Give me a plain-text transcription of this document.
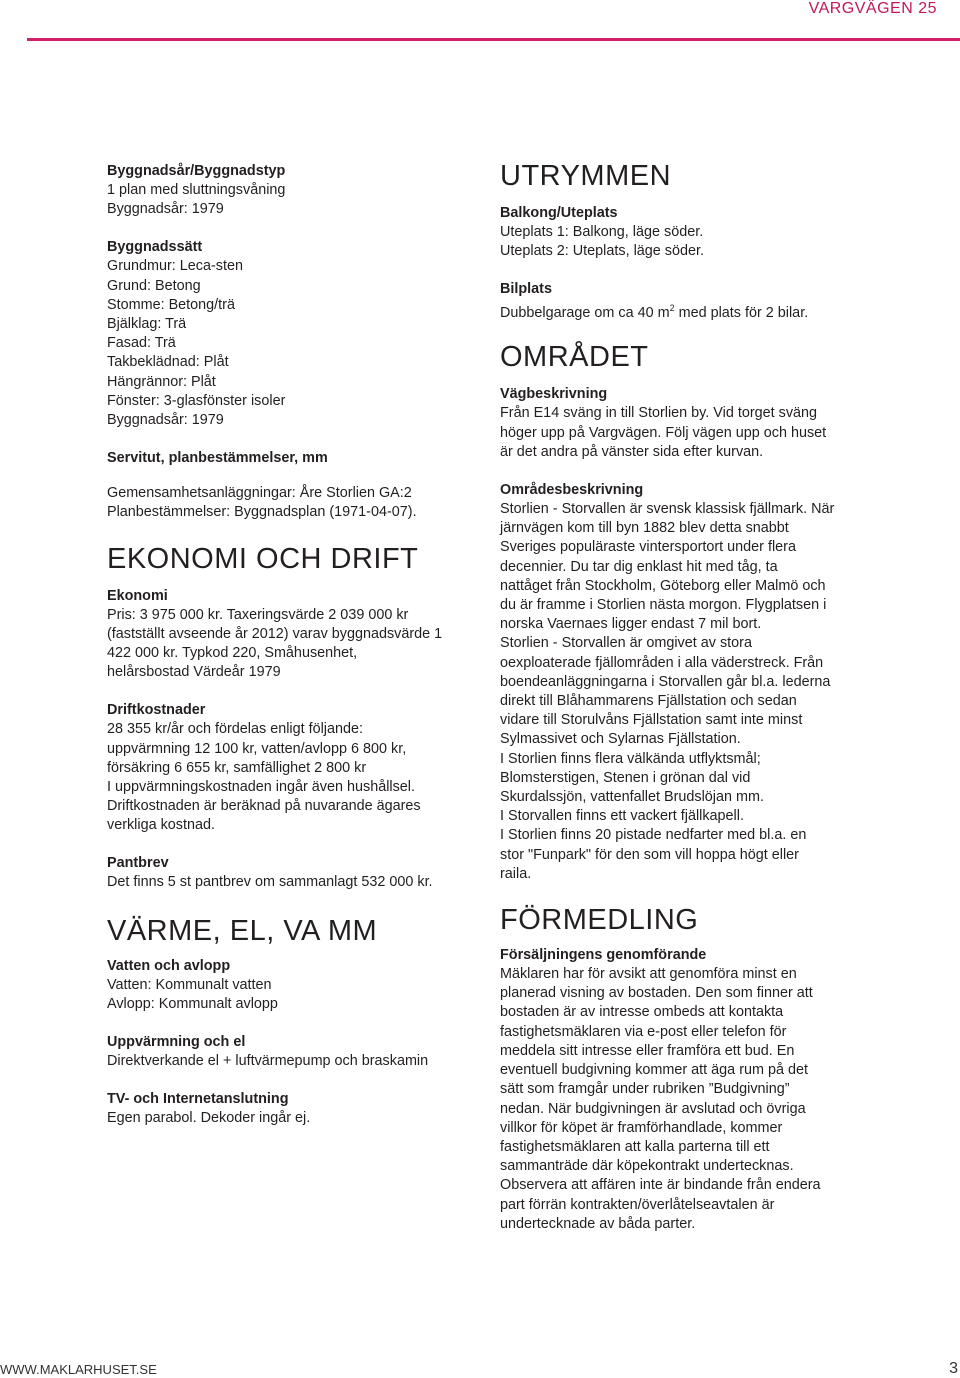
VARGVÄGEN 25

Byggnadsår/Byggnadstyp

1 plan med sluttningsvåning
Byggnadsår: 1979

Byggnadssätt

Grundmur: Leca-sten
Grund: Betong
Stomme: Betong/trä
Bjälklag: Trä
Fasad: Trä
Takbeklädnad: Plåt
Hängrännor: Plåt
Fönster: 3-glasfönster isoler
Byggnadsår: 1979

Servitut, planbestämmelser, mm

Gemensamhetsanläggningar: Åre Storlien GA:2
Planbestämmelser: Byggnadsplan (1971-04-07).

EKONOMI OCH DRIFT

Ekonomi

Pris: 3 975 000 kr. Taxeringsvärde 2 039 000 kr
(fastställt avseende år 2012) varav byggnadsvärde 1
422 000 kr. Typkod 220, Småhusenhet,
helårsbostad Värdeår 1979

Driftkostnader

28 355 kr/år och fördelas enligt följande:
uppvärmning 12 100 kr, vatten/avlopp 6 800 kr,
försäkring 6 655 kr, samfällighet 2 800 kr
I uppvärmningskostnaden ingår även hushållsel.
Driftkostnaden är beräknad på nuvarande ägares
verkliga kostnad.

Pantbrev

Det finns 5 st pantbrev om sammanlagt 532 000 kr.

VÄRME, EL, VA MM

Vatten och avlopp

Vatten: Kommunalt vatten
Avlopp: Kommunalt avlopp

Uppvärmning och el

Direktverkande el + luftvärmepump och braskamin

TV- och Internetanslutning

Egen parabol. Dekoder ingår ej.

UTRYMMEN

Balkong/Uteplats

Uteplats 1: Balkong, läge söder.
Uteplats 2: Uteplats, läge söder.

Bilplats

Dubbelgarage om ca 40 $m^2$ med plats för 2 bilar.

OMRÅDET

Vägbeskrivning

Från E14 sväng in till Storlien by. Vid torget sväng
höger upp på Vargvägen. Följ vägen upp och huset
är det andra på vänster sida efter kurvan.

Områdesbeskrivning

Storlien - Storvallen är svensk klassisk fjällmark. När
järnvägen kom till byn 1882 blev detta snabbt
Sveriges populäraste vintersportort under flera
decennier. Du tar dig enklast hit med tåg, ta
nattåget från Stockholm, Göteborg eller Malmö och
du är framme i Storlien nästa morgon. Flygplatsen i
norska Vaernaes ligger endast 7 mil bort.
Storlien - Storvallen är omgivet av stora
oexploaterade fjällområden i alla väderstreck. Från
boendeanläggningarna i Storvallen går bl.a. lederna
direkt till Blåhammarens Fjällstation och sedan
vidare till Storulvåns Fjällstation samt inte minst
Sylmassivet och Sylarnas Fjällstation.
I Storlien finns flera välkända utflyktsmål;
Blomsterstigen, Stenen i grönan dal vid
Skurdalssjön, vattenfallet Brudslöjan mm.
I Storvallen finns ett vackert fjällkapell.
I Storlien finns 20 pistade nedfarter med bl.a. en
stor "Funpark" för den som vill hoppa högt eller
raila.

FÖRMEDLING

Försäljningens genomförande

Mäklaren har för avsikt att genomföra minst en
planerad visning av bostaden. Den som finner att
bostaden är av intresse ombeds att kontakta
fastighetsmäklaren via e-post eller telefon för
meddela sitt intresse eller framföra ett bud. En
eventuell budgivning kommer att äga rum på det
sätt som framgår under rubriken ”Budgivning”
nedan. När budgivningen är avslutad och övriga
villkor för köpet är framförhandlade, kommer
fastighetsmäklaren att kalla parterna till ett
sammanträde där köpekontrakt undertecknas.
Observera att affären inte är bindande från endera
part förrän kontrakten/överlåtelseavtalen är
undertecknade av båda parter.

WWW.MAKLARHUSET.SE	3
